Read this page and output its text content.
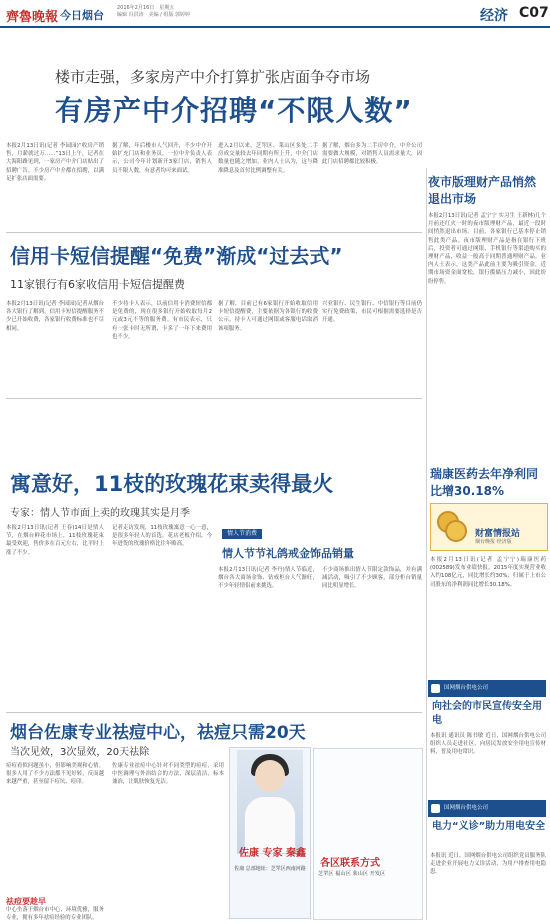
齊魯晚報 今日烟台
2016年2月16日　星期五
编辑 冯洪涛　美编 / 组版 郭婷婷	经济 C07
楼市走强，多家房产中介打算扩张店面争夺市场
有房产中介招聘“不限人数”
本报2月13日讯(记者 李园园)“收房产销售，月薪就过万……”13日上午，记者在大海阳路见到，一家房产中介门店贴出了招聘广告。不少房产中介都在招聘，以满足扩张店面需要。
据了解，年后楼市人气回升，不少中介开始扩充门店和业务员。一位中介负责人表示，公司今年计划新开3家门店，销售人员不限人数，有意者均可来面试。
进入2月以来，芝罘区、莱山区多处二手房成交量较去年同期有所上升，中介门店数量也随之增加。业内人士认为，这与降准降息及首付比例调整有关。
据了解，烟台多为二手房中介。中介公司需要做大规模，对销售人员需求量大，因此门店招聘都比较积极。
信用卡短信提醒“免费”渐成“过去式”
11家银行有6家收信用卡短信提醒费
本报2月13日讯(记者 李园园)记者从烟台各大银行了解到，信用卡短信提醒服务不少已开始收费，各家银行收费标准也不尽相同。
不少持卡人表示，以前信用卡消费短信都是免费的，现在很多银行开始收取每月2元或3元不等的服务费。有市民表示，只有一张卡时无所谓，卡多了一年下来费用也不少。
据了解，目前已有6家银行开始收取信用卡短信提醒费，主要依据为各银行的收费公示，持卡人可通过网银或客服电话取消该项服务。
兴业银行、民生银行、中信银行等目前仍实行免费政策，市民可根据需要选择是否开通。
寓意好，11枝的玫瑰花束卖得最火
专家：情人节市面上卖的玫瑰其实是月季
本报2月13日讯(记者 王春)14日是情人节，在烟台鲜花市场上，11枝玫瑰花束最受欢迎，售价多在百元左右，比平时上涨了不少。
记者走访发现，11枝玫瑰寓意一心一意，是很多年轻人的首选。花店老板介绍，今年进货的玫瑰价格比往年略高。
情人节消费
情人节节礼鸽戒金饰品销量
本报2月13日讯(记者 李丹)情人节临近，烟台各大商场金饰、钻戒柜台人气渐旺，不少年轻情侣前来挑选。
不少商场推出情人节限定款饰品，并有满减活动，吸引了不少顾客，部分柜台销量同比明显增长。
烟台佐康专业祛痘中心，祛痘只需20天
当次见效，3次显效，20天祛除
痘痘看似问题虽小，但影响美观和心情。很多人用了不少方法都不见好转，反而越来越严重，甚至留下痘坑、痘印。
佐康专业祛痘中心针对不同类型的痘痘，采用中医调理与外治结合的方法，深层清洁，标本兼治，让肌肤恢复光洁。
祛痘要趁早
中心坐落于烟台市中心，环境优雅，服务专业，拥有多年祛痘经验的专业团队。
佐康 专家 秦鑫
佐康 总部地址：芝罘区西南河路 各区联系方式
芝罘区 福山区 莱山区 开发区
夜市版理财产品悄然退出市场
本报2月13日讯(记者 孟宁宁 实习生 王新林)几个月前还红火一时的夜市版理财产品，最近一段时间悄然退出市场。目前，各家银行已基本停止销售此类产品。夜市版理财产品是指在银行下班后，投资者可通过网银、手机银行等渠道购买的理财产品，收益一般高于同期普通理财产品。业内人士表示，这类产品此前主要为吸引资金，近期市场资金面宽松，银行揽储压力减小，因此纷纷停售。
瑞康医药去年净利同比增30.18%
财富情报站
烟台晚报 经济版
本报2月13日讯(记者 孟宁宁)瑞康医药(002589)发布业绩快报，2015年度实现营业收入约108亿元，同比增长约30%；归属于上市公司股东的净利润同比增长30.18%。
国网烟台供电公司
向社会的市民宣传安全用电
本报讯 通讯员 陈书敏 近日，国网烟台供电公司组织人员走进社区，向居民发放安全用电宣传材料，普及用电常识。
国网烟台供电公司
电力“义诊”助力用电安全
本报讯 近日，国网烟台供电公司组织党员服务队走进企业开展电力义诊活动，为用户排查用电隐患。
